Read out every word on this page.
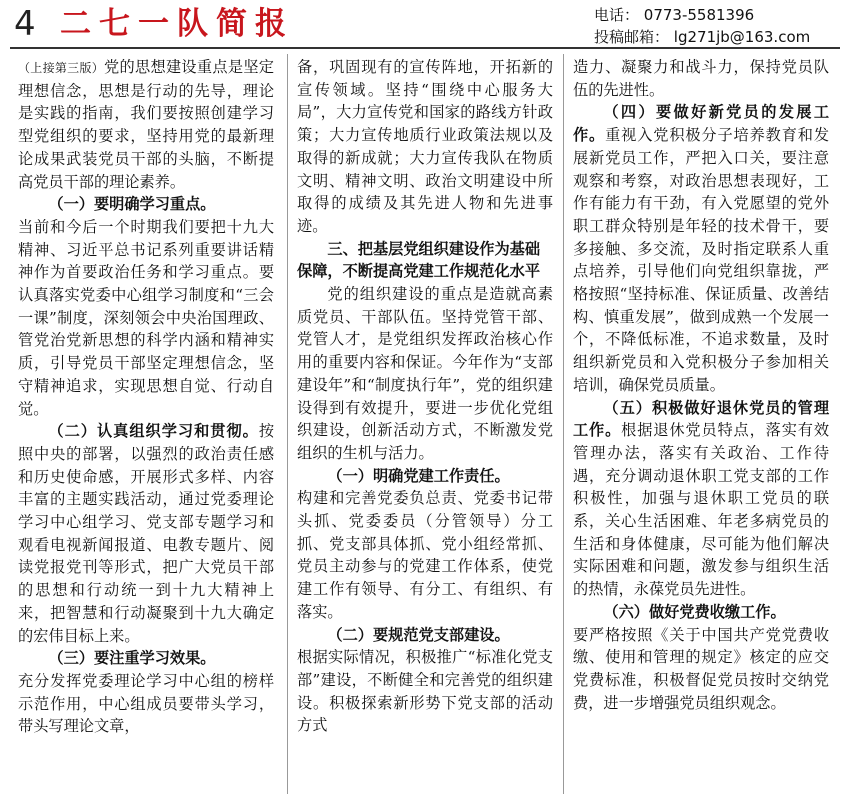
4 二七一队简报	电话： 0773-5581396
投稿邮箱： lg271jb@163.com

（上接第三版）党的思想建设重点是坚定理想信念，思想是行动的先导，理论是实践的指南，我们要按照创建学习型党组织的要求，坚持用党的最新理论成果武装党员干部的头脑，不断提高党员干部的理论素养。

（一）要明确学习重点。

当前和今后一个时期我们要把十九大精神、习近平总书记系列重要讲话精神作为首要政治任务和学习重点。要认真落实党委中心组学习制度和“三会一课”制度，深刻领会中央治国理政、管党治党新思想的科学内涵和精神实质，引导党员干部坚定理想信念，坚守精神追求，实现思想自觉、行动自觉。

（二）认真组织学习和贯彻。按照中央的部署，以强烈的政治责任感和历史使命感，开展形式多样、内容丰富的主题实践活动，通过党委理论学习中心组学习、党支部专题学习和观看电视新闻报道、电教专题片、阅读党报党刊等形式，把广大党员干部的思想和行动统一到十九大精神上来，把智慧和行动凝聚到十九大确定的宏伟目标上来。

（三）要注重学习效果。

充分发挥党委理论学习中心组的榜样示范作用，中心组成员要带头学习，带头写理论文章，

备，巩固现有的宣传阵地，开拓新的宣传领域。坚持“围绕中心服务大局”，大力宣传党和国家的路线方针政策；大力宣传地质行业政策法规以及取得的新成就；大力宣传我队在物质文明、精神文明、政治文明建设中所取得的成绩及其先进人物和先进事迹。

三、把基层党组织建设作为基础保障，不断提高党建工作规范化水平

党的组织建设的重点是造就高素质党员、干部队伍。坚持党管干部、党管人才，是党组织发挥政治核心作用的重要内容和保证。今年作为“支部建设年”和“制度执行年”，党的组织建设得到有效提升，要进一步优化党组织建设，创新活动方式，不断激发党组织的生机与活力。

（一）明确党建工作责任。

构建和完善党委负总责、党委书记带头抓、党委委员（分管领导）分工抓、党支部具体抓、党小组经常抓、党员主动参与的党建工作体系，使党建工作有领导、有分工、有组织、有落实。

（二）要规范党支部建设。

根据实际情况，积极推广“标准化党支部”建设，不断健全和完善党的组织建设。积极探索新形势下党支部的活动方式

造力、凝聚力和战斗力，保持党员队伍的先进性。

（四）要做好新党员的发展工作。重视入党积极分子培养教育和发展新党员工作，严把入口关，要注意观察和考察，对政治思想表现好，工作有能力有干劲，有入党愿望的党外职工群众特别是年轻的技术骨干，要多接触、多交流，及时指定联系人重点培养，引导他们向党组织靠拢，严格按照“坚持标准、保证质量、改善结构、慎重发展”，做到成熟一个发展一个，不降低标准，不追求数量，及时组织新党员和入党积极分子参加相关培训，确保党员质量。

（五）积极做好退休党员的管理工作。根据退休党员特点，落实有效管理办法，落实有关政治、工作待遇，充分调动退休职工党支部的工作积极性，加强与退休职工党员的联系，关心生活困难、年老多病党员的生活和身体健康，尽可能为他们解决实际困难和问题，激发参与组织生活的热情，永葆党员先进性。

（六）做好党费收缴工作。

要严格按照《关于中国共产党党费收缴、使用和管理的规定》核定的应交党费标准，积极督促党员按时交纳党费，进一步增强党员组织观念。
